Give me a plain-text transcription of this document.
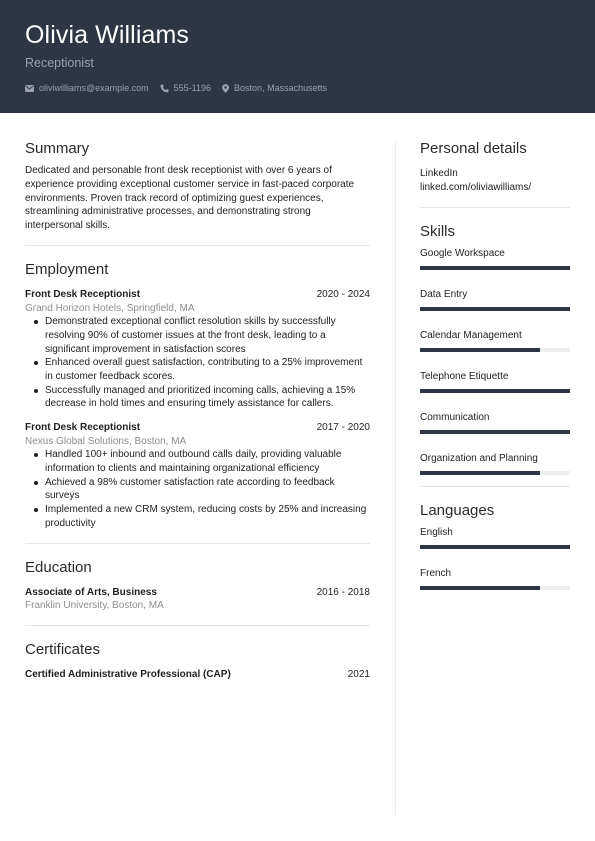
Olivia Williams
Receptionist
oliviwilliams@example.com	555-1196	Boston, Massachusetts
Summary
Dedicated and personable front desk receptionist with over 6 years of experience providing exceptional customer service in fast-paced corporate environments. Proven track record of optimizing guest experiences, streamlining administrative processes, and demonstrating strong interpersonal skills.
Employment
Front Desk Receptionist	2020 - 2024
Grand Horizon Hotels, Springfield, MA
Demonstrated exceptional conflict resolution skills by successfully resolving 90% of customer issues at the front desk, leading to a significant improvement in satisfaction scores
Enhanced overall guest satisfaction, contributing to a 25% improvement in customer feedback scores.
Successfully managed and prioritized incoming calls, achieving a 15% decrease in hold times and ensuring timely assistance for callers.
Front Desk Receptionist	2017 - 2020
Nexus Global Solutions, Boston, MA
Handled 100+ inbound and outbound calls daily, providing valuable information to clients and maintaining organizational efficiency
Achieved a 98% customer satisfaction rate according to feedback surveys
Implemented a new CRM system, reducing costs by 25% and increasing productivity
Education
Associate of Arts, Business	2016 - 2018
Franklin University, Boston, MA
Certificates
Certified Administrative Professional (CAP)	2021
Personal details
LinkedIn
linked.com/oliviawilliams/
Skills
Google Workspace
Data Entry
Calendar Management
Telephone Etiquette
Communication
Organization and Planning
Languages
English
French
